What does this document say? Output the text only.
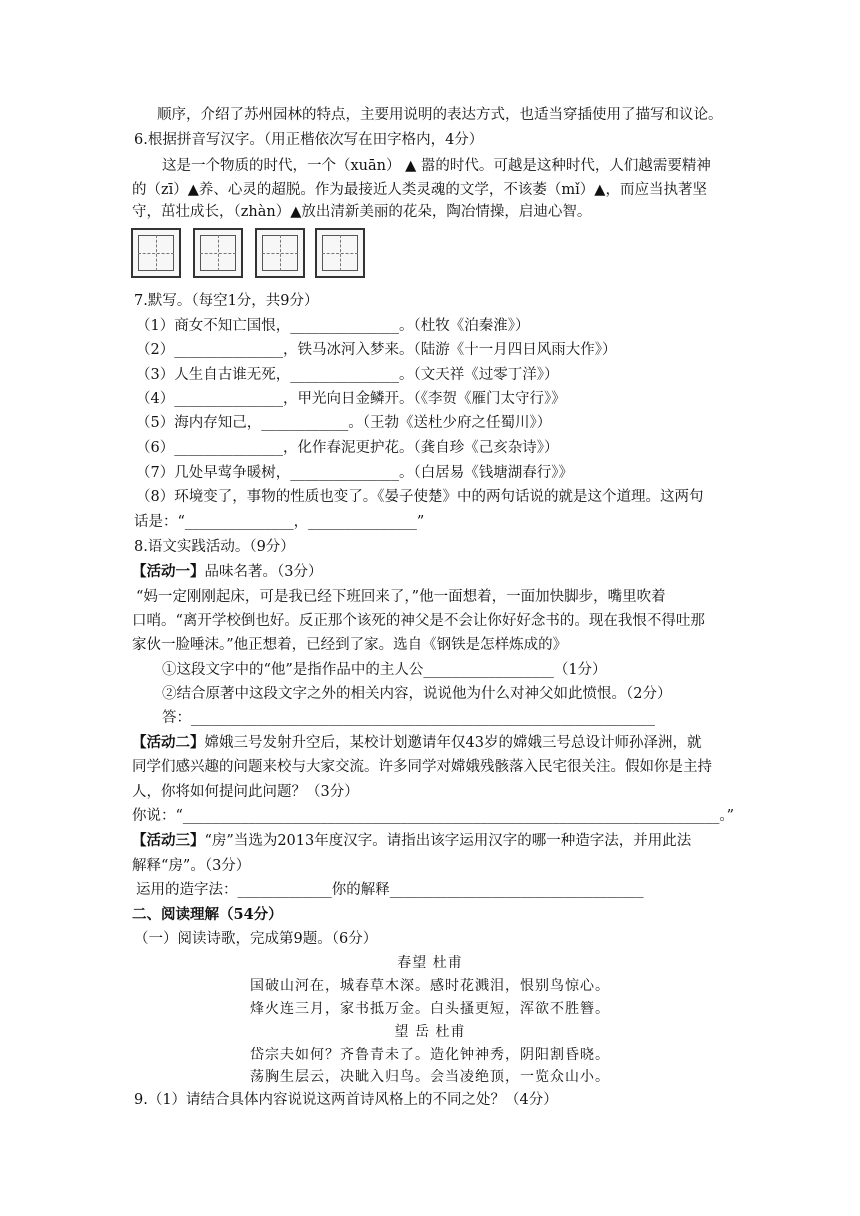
顺序，介绍了苏州园林的特点，主要用说明的表达方式，也适当穿插使用了描写和议论。
6.根据拼音写汉字。（用正楷依次写在田字格内，4分）
这是一个物质的时代，一个（xuān） ▲ 嚣的时代。可越是这种时代，人们越需要精神
的（zī）▲养、心灵的超脱。作为最接近人类灵魂的文学，不该萎（mǐ）▲，而应当执著坚
守，茁壮成长，（zhàn）▲放出清新美丽的花朵，陶冶情操，启迪心智。
7.默写。（每空1分，共9分）
（1）商女不知亡国恨，_______________。（杜牧《泊秦淮》）
（2）_______________，铁马冰河入梦来。（陆游《十一月四日风雨大作》）
（3）人生自古谁无死，_______________。（文天祥《过零丁洋》）
（4）_______________，甲光向日金鳞开。（《李贺《雁门太守行》》
（5）海内存知己，____________。（王勃《送杜少府之任蜀川》）
（6）_______________，化作春泥更护花。（龚自珍《己亥杂诗》）
（7）几处早莺争暖树，_______________。（白居易《钱塘湖春行》》
（8）环境变了，事物的性质也变了。《晏子使楚》中的两句话说的就是这个道理。这两句
话是：“_______________，_______________”
8.语文实践活动。（9分）
【活动一】品味名著。（3分）
“妈一定刚刚起床，可是我已经下班回来了，”他一面想着，一面加快脚步，嘴里吹着
口哨。“离开学校倒也好。反正那个该死的神父是不会让你好好念书的。现在我恨不得吐那
家伙一脸唾沫。”他正想着，已经到了家。选自《钢铁是怎样炼成的》
①这段文字中的“他”是指作品中的主人公__________________（1分）
②结合原著中这段文字之外的相关内容，说说他为什么对神父如此愤恨。（2分）
答：________________________________________________________________
【活动二】嫦娥三号发射升空后，某校计划邀请年仅43岁的嫦娥三号总设计师孙泽洲，就
同学们感兴趣的问题来校与大家交流。许多同学对嫦娥残骸落入民宅很关注。假如你是主持
人，你将如何提问此问题？（3分）
你说：“__________________________________________________________________________。”
【活动三】“房”当选为2013年度汉字。请指出该字运用汉字的哪一种造字法，并用此法
解释“房”。（3分）
运用的造字法：_____________你的解释___________________________________
二、阅读理解（54分）
（一）阅读诗歌，完成第9题。（6分）
春望 杜甫
国破山河在，城春草木深。感时花溅泪，恨别鸟惊心。
烽火连三月，家书抵万金。白头搔更短，浑欲不胜簪。
望 岳 杜甫
岱宗夫如何？齐鲁青未了。造化钟神秀，阴阳割昏晓。
荡胸生层云，决眦入归鸟。会当凌绝顶，一览众山小。
9.（1）请结合具体内容说说这两首诗风格上的不同之处？（4分）
